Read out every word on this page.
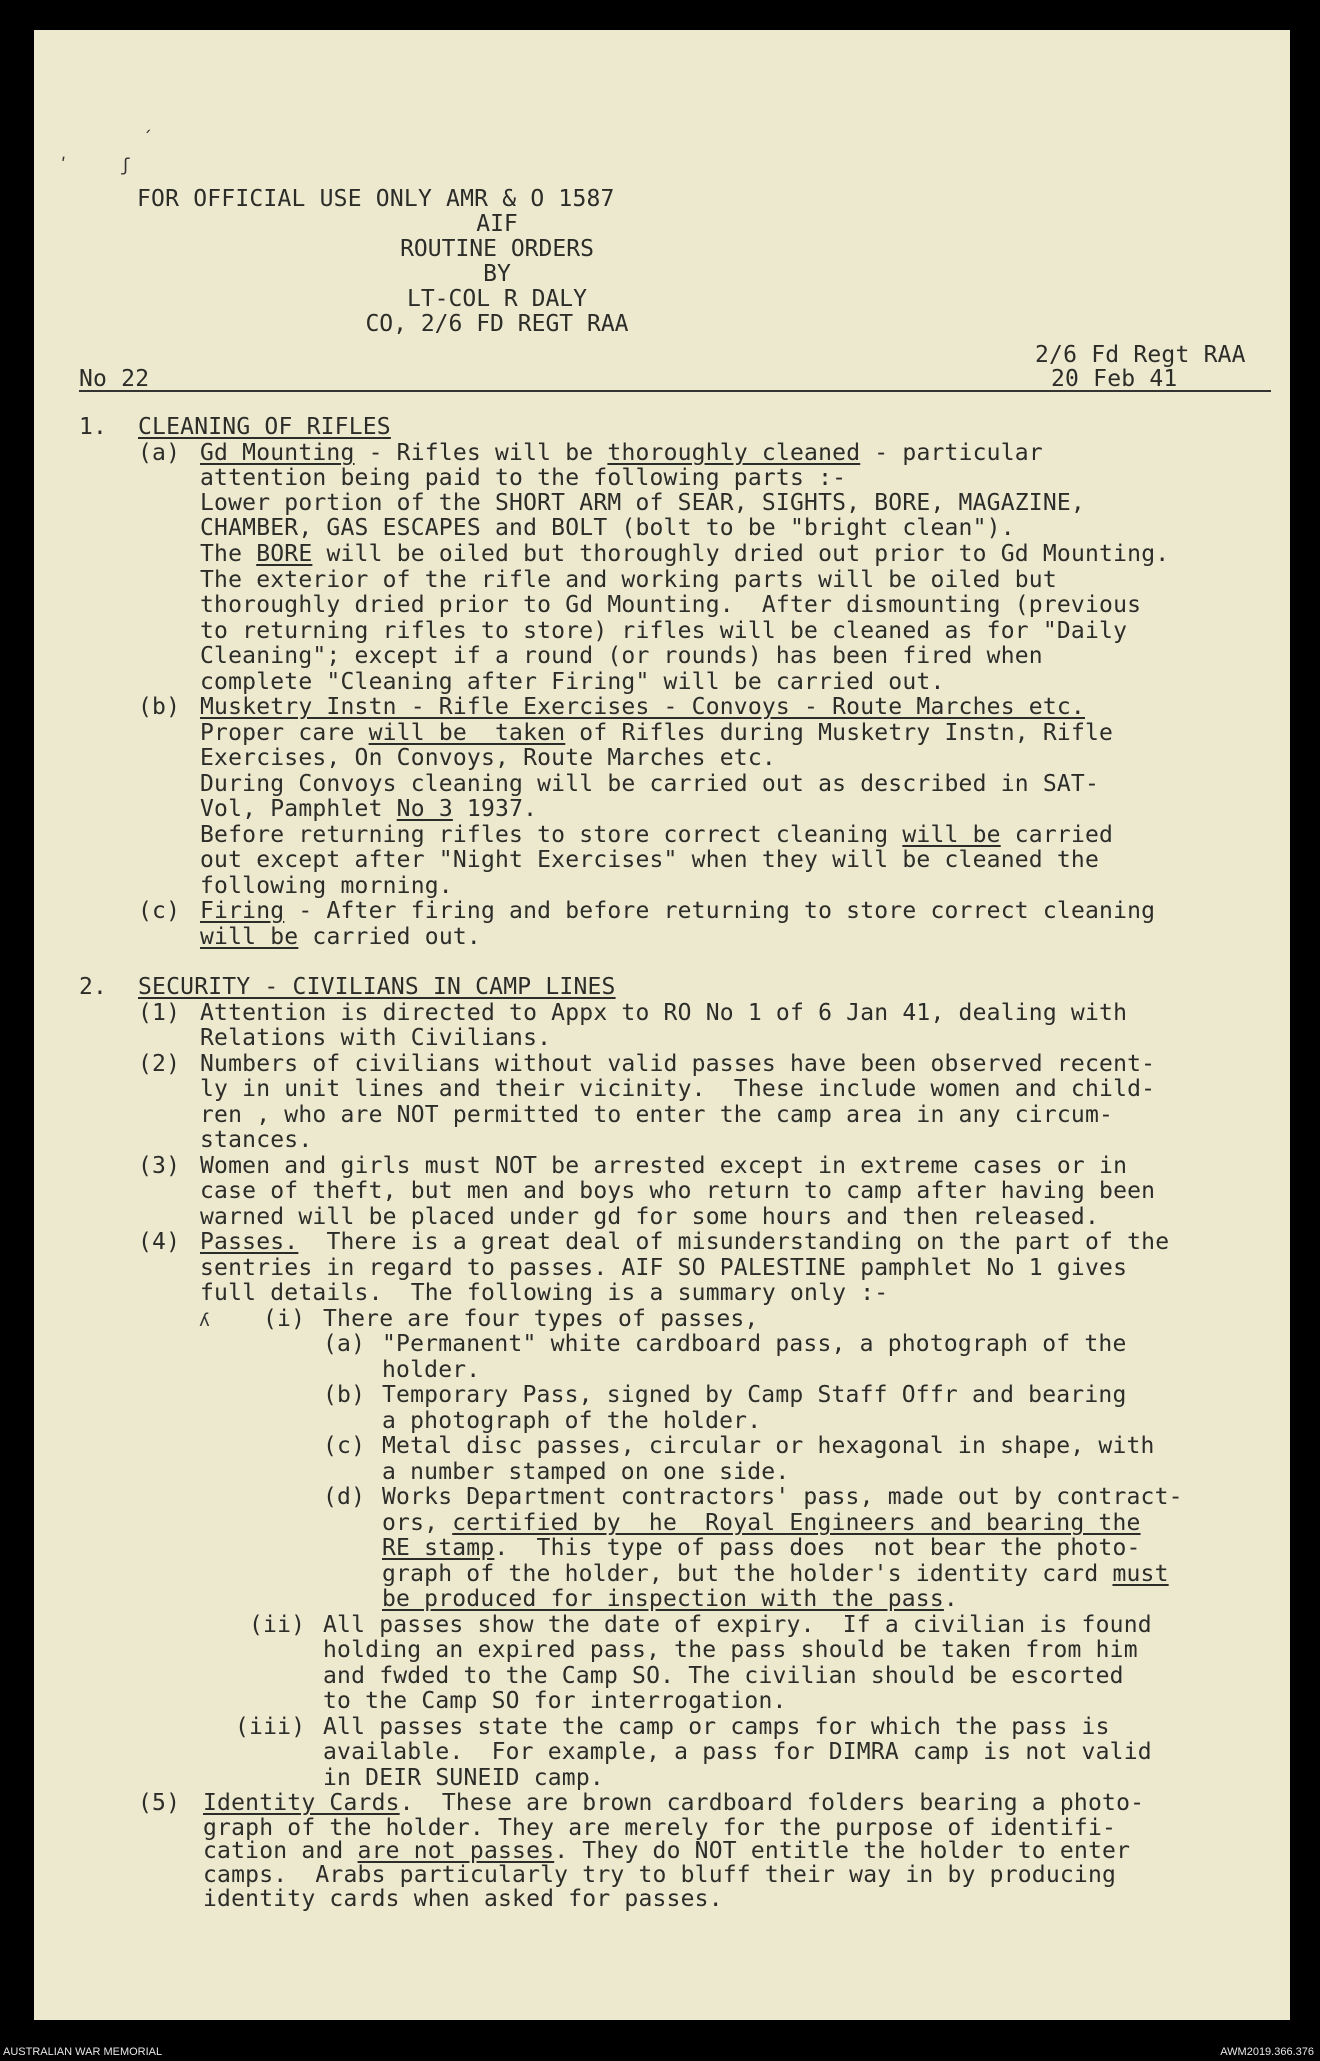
´
ʹ	ʃ
FOR OFFICIAL USE ONLY AMR & O 1587
AIF
ROUTINE ORDERS
BY
LT-COL R DALY
CO, 2/6 FD REGT RAA
2/6 Fd Regt RAA
No 22	20 Feb 41
1. CLEANING OF RIFLES
(a) Gd Mounting - Rifles will be thoroughly cleaned - particular
attention being paid to the following parts :-
Lower portion of the SHORT ARM of SEAR, SIGHTS, BORE, MAGAZINE,
CHAMBER, GAS ESCAPES and BOLT (bolt to be "bright clean").
The BORE will be oiled but thoroughly dried out prior to Gd Mounting.
The exterior of the rifle and working parts will be oiled but
thoroughly dried prior to Gd Mounting.  After dismounting (previous
to returning rifles to store) rifles will be cleaned as for "Daily
Cleaning"; except if a round (or rounds) has been fired when
complete "Cleaning after Firing" will be carried out.
(b) Musketry Instn - Rifle Exercises - Convoys - Route Marches etc.
Proper care will be  taken of Rifles during Musketry Instn, Rifle
Exercises, On Convoys, Route Marches etc.
During Convoys cleaning will be carried out as described in SAT-
Vol, Pamphlet No 3 1937.
Before returning rifles to store correct cleaning will be carried
out except after "Night Exercises" when they will be cleaned the
following morning.
(c) Firing - After firing and before returning to store correct cleaning
will be carried out.
2. SECURITY - CIVILIANS IN CAMP LINES
(1) Attention is directed to Appx to RO No 1 of 6 Jan 41, dealing with
Relations with Civilians.
(2) Numbers of civilians without valid passes have been observed recent-
ly in unit lines and their vicinity.  These include women and child-
ren , who are NOT permitted to enter the camp area in any circum-
stances.
(3) Women and girls must NOT be arrested except in extreme cases or in
case of theft, but men and boys who return to camp after having been
warned will be placed under gd for some hours and then released.
(4) Passes.  There is a great deal of misunderstanding on the part of the
sentries in regard to passes. AIF SO PALESTINE pamphlet No 1 gives
full details.  The following is a summary only :-
ʎ (i) There are four types of passes,
(a) "Permanent" white cardboard pass, a photograph of the
holder.
(b) Temporary Pass, signed by Camp Staff Offr and bearing
a photograph of the holder.
(c) Metal disc passes, circular or hexagonal in shape, with
a number stamped on one side.
(d) Works Department contractors' pass, made out by contract-
ors, certified by  he  Royal Engineers and bearing the
RE stamp.  This type of pass does  not bear the photo-
graph of the holder, but the holder's identity card must
be produced for inspection with the pass.
(ii) All passes show the date of expiry.  If a civilian is found
holding an expired pass, the pass should be taken from him
and fwded to the Camp SO. The civilian should be escorted
to the Camp SO for interrogation.
(iii) All passes state the camp or camps for which the pass is
available.  For example, a pass for DIMRA camp is not valid
in DEIR SUNEID camp.
(5) Identity Cards.  These are brown cardboard folders bearing a photo-
graph of the holder. They are merely for the purpose of identifi-
cation and are not passes. They do NOT entitle the holder to enter
camps.  Arabs particularly try to bluff their way in by producing
identity cards when asked for passes.
AUSTRALIAN WAR MEMORIAL	AWM2019.366.376
